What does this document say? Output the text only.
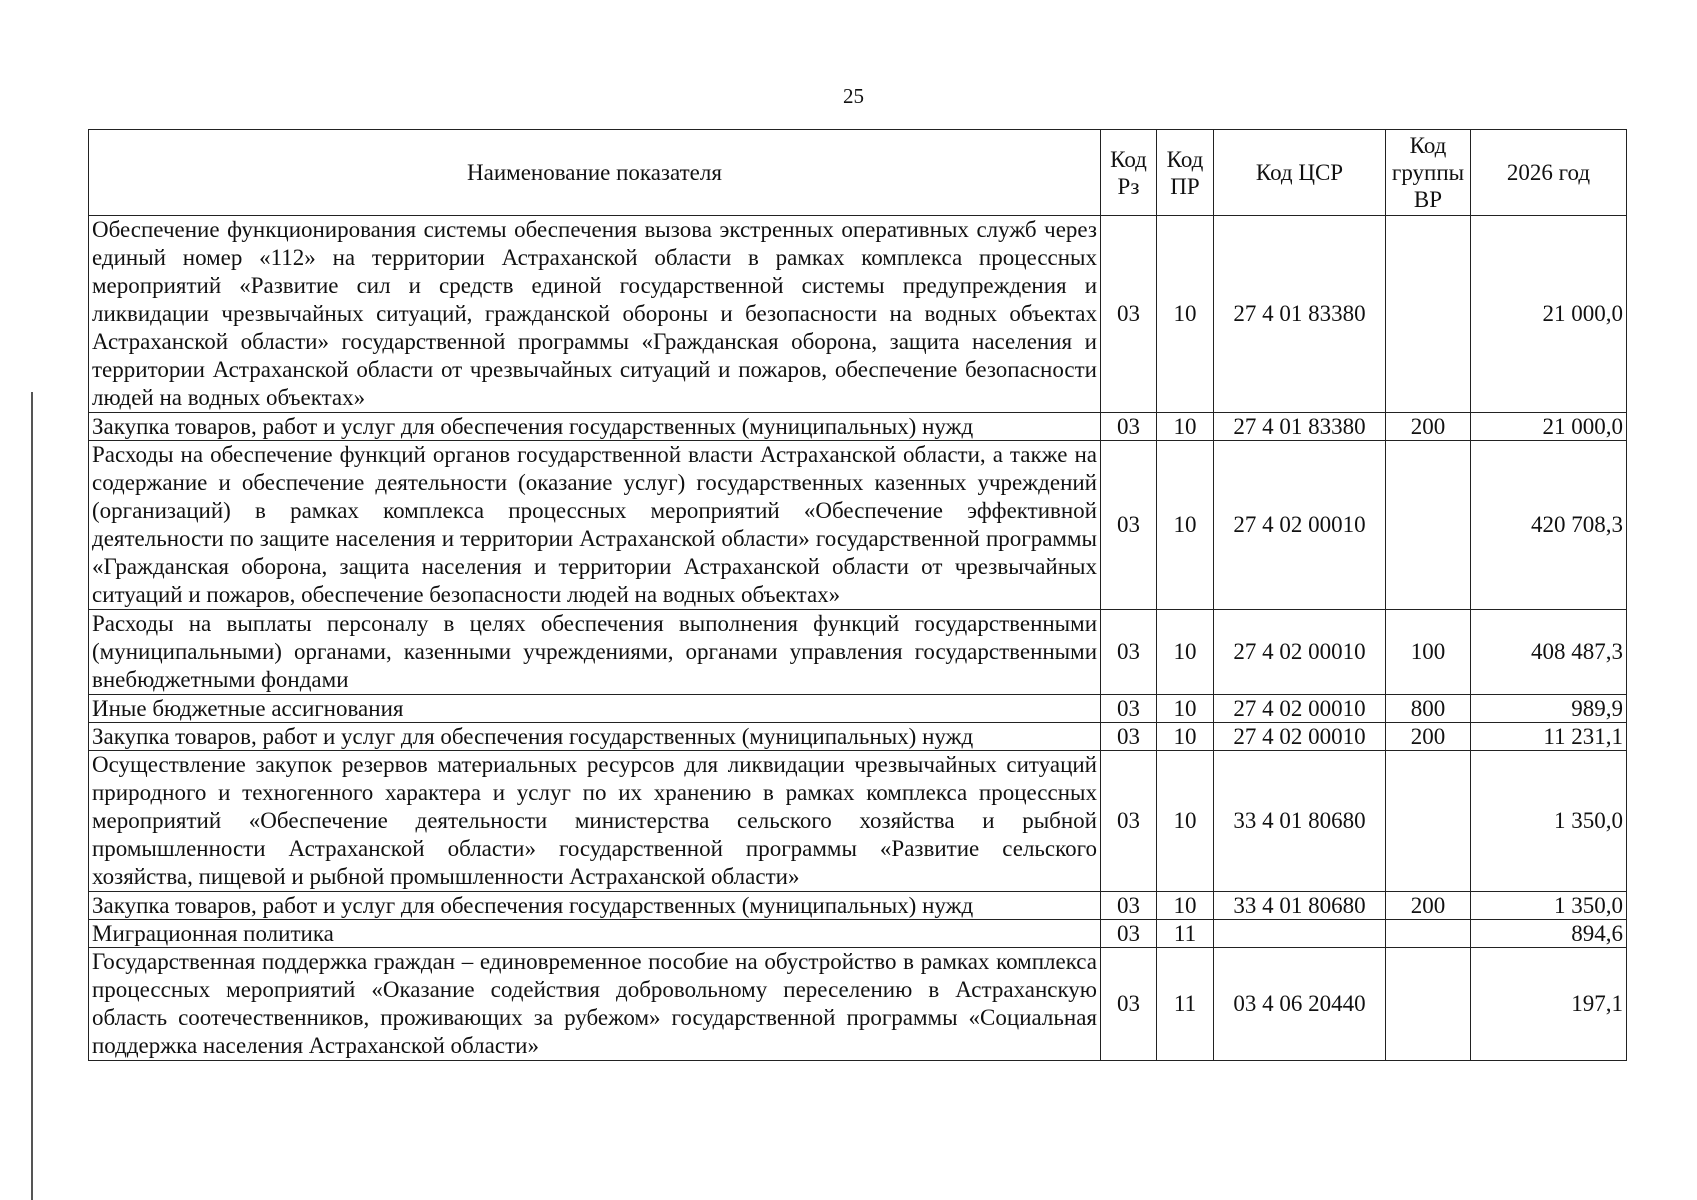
25
Наименование показателя	Код Рз	Код ПР	Код ЦСР	Код группы ВР	2026 год
Обеспечение функционирования системы обеспечения вызова экстренных оперативных служб через единый номер «112» на территории Астраханской области в рамках комплекса процессных мероприятий «Развитие сил и средств единой государственной системы предупреждения и ликвидации чрезвычайных ситуаций, гражданской обороны и безопасности на водных объектах Астраханской области» государственной программы «Гражданская оборона, защита населения и территории Астраханской области от чрезвычайных ситуаций и пожаров, обеспечение безопасности людей на водных объектах»	03	10	27 4 01 83380		21 000,0
Закупка товаров, работ и услуг для обеспечения государственных (муниципальных) нужд	03	10	27 4 01 83380	200	21 000,0
Расходы на обеспечение функций органов государственной власти Астраханской области, а также на содержание и обеспечение деятельности (оказание услуг) государственных казенных учреждений (организаций) в рамках комплекса процессных мероприятий «Обеспечение эффективной деятельности по защите населения и территории Астраханской области» государственной программы «Гражданская оборона, защита населения и территории Астраханской области от чрезвычайных ситуаций и пожаров, обеспечение безопасности людей на водных объектах»	03	10	27 4 02 00010		420 708,3
Расходы на выплаты персоналу в целях обеспечения выполнения функций государственными (муниципальными) органами, казенными учреждениями, органами управления государственными внебюджетными фондами	03	10	27 4 02 00010	100	408 487,3
Иные бюджетные ассигнования	03	10	27 4 02 00010	800	989,9
Закупка товаров, работ и услуг для обеспечения государственных (муниципальных) нужд	03	10	27 4 02 00010	200	11 231,1
Осуществление закупок резервов материальных ресурсов для ликвидации чрезвычайных ситуаций природного и техногенного характера и услуг по их хранению в рамках комплекса процессных мероприятий «Обеспечение деятельности министерства сельского хозяйства и рыбной промышленности Астраханской области» государственной программы «Развитие сельского хозяйства, пищевой и рыбной промышленности Астраханской области»	03	10	33 4 01 80680		1 350,0
Закупка товаров, работ и услуг для обеспечения государственных (муниципальных) нужд	03	10	33 4 01 80680	200	1 350,0
Миграционная политика	03	11			894,6
Государственная поддержка граждан – единовременное пособие на обустройство в рамках комплекса процессных мероприятий «Оказание содействия добровольному переселению в Астраханскую область соотечественников, проживающих за рубежом» государственной программы «Социальная поддержка населения Астраханской области»	03	11	03 4 06 20440		197,1
